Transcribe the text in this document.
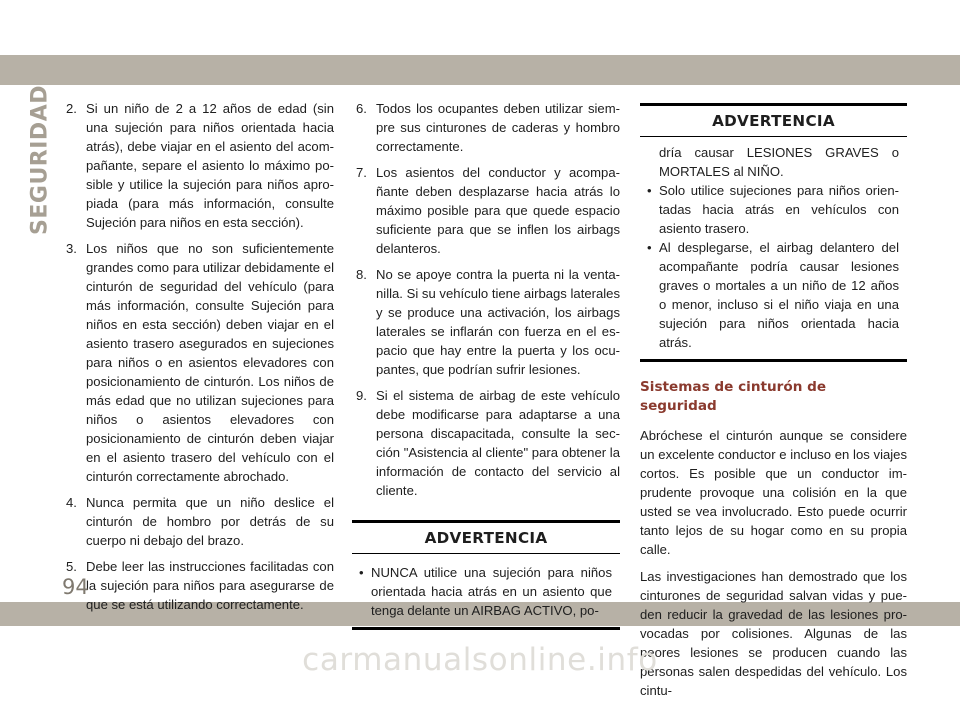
SEGURIDAD 2. Si un niño de 2 a 12 años de edad (sin una sujeción para niños orientada hacia atrás), debe viajar en el asiento del acompañante, separe el asiento lo máximo posible y utilice la sujeción para niños apropiada (para más información, consulte Sujeción para niños en esta sección).
3. Los niños que no son suficientemente grandes como para utilizar debidamente el cinturón de seguridad del vehículo (para más información, consulte Sujeción para niños en esta sección) deben viajar en el asiento trasero asegurados en sujeciones para niños o en asientos elevadores con posicionamiento de cinturón. Los niños de más edad que no utilizan sujeciones para niños o asientos elevadores con posicionamiento de cinturón deben viajar en el asiento trasero del vehículo con el cinturón correctamente abrochado.
4. Nunca permita que un niño deslice el cinturón de hombro por detrás de su cuerpo ni debajo del brazo.
5. Debe leer las instrucciones facilitadas con la sujeción para niños para asegurarse de que se está utilizando correctamente.
6. Todos los ocupantes deben utilizar siempre sus cinturones de caderas y hombro correctamente.
7. Los asientos del conductor y acompañante deben desplazarse hacia atrás lo máximo posible para que quede espacio suficiente para que se inflen los airbags delanteros.
8. No se apoye contra la puerta ni la ventanilla. Si su vehículo tiene airbags laterales y se produce una activación, los airbags laterales se inflarán con fuerza en el espacio que hay entre la puerta y los ocupantes, que podrían sufrir lesiones.
9. Si el sistema de airbag de este vehículo debe modificarse para adaptarse a una persona discapacitada, consulte la sección "Asistencia al cliente" para obtener la información de contacto del servicio al cliente.
ADVERTENCIA
• NUNCA utilice una sujeción para niños orientada hacia atrás en un asiento que tenga delante un AIRBAG ACTIVO, po-
ADVERTENCIA
dría causar LESIONES GRAVES o MORTALES al NIÑO.
• Solo utilice sujeciones para niños orientadas hacia atrás en vehículos con asiento trasero.
• Al desplegarse, el airbag delantero del acompañante podría causar lesiones graves o mortales a un niño de 12 años o menor, incluso si el niño viaja en una sujeción para niños orientada hacia atrás.
Sistemas de cinturón de seguridad

Abróchese el cinturón aunque se considere un excelente conductor e incluso en los viajes cortos. Es posible que un conductor imprudente provoque una colisión en la que usted se vea involucrado. Esto puede ocurrir tanto lejos de su hogar como en su propia calle.

Las investigaciones han demostrado que los cinturones de seguridad salvan vidas y pueden reducir la gravedad de las lesiones provocadas por colisiones. Algunas de las peores lesiones se producen cuando las personas salen despedidas del vehículo. Los cintu-

94
carmanualsonline.info
